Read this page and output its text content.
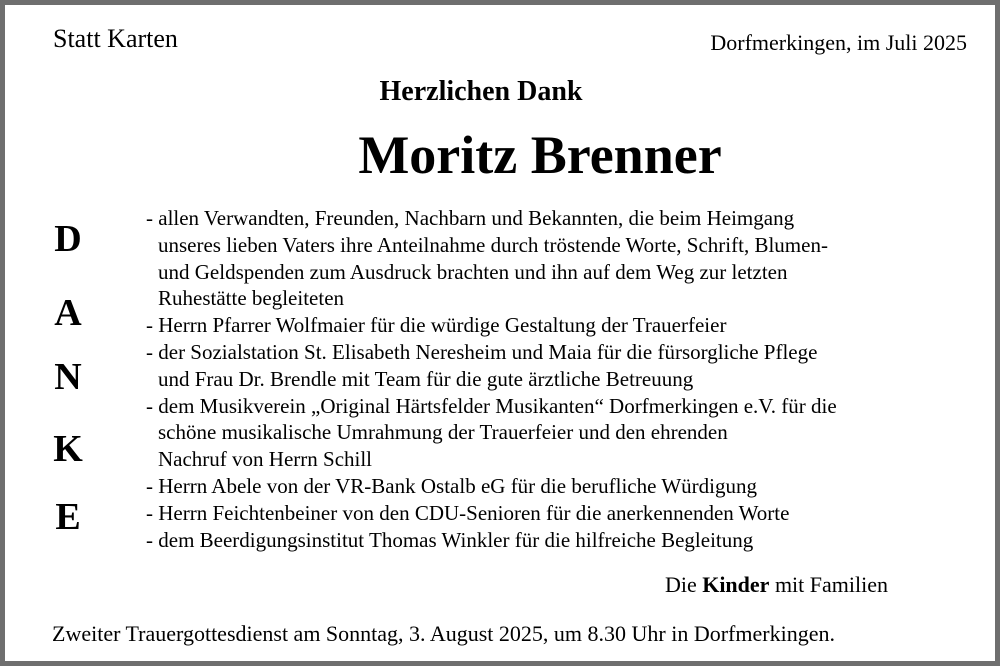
Statt Karten	Dorfmerkingen, im Juli 2025
Herzlichen Dank
Moritz Brenner
D
A
N
K
E
- allen Verwandten, Freunden, Nachbarn und Bekannten, die beim Heimgang
unseres lieben Vaters ihre Anteilnahme durch tröstende Worte, Schrift, Blumen-
und Geldspenden zum Ausdruck brachten und ihn auf dem Weg zur letzten
Ruhestätte begleiteten
- Herrn Pfarrer Wolfmaier für die würdige Gestaltung der Trauerfeier
- der Sozialstation St. Elisabeth Neresheim und Maia für die fürsorgliche Pflege
und Frau Dr. Brendle mit Team für die gute ärztliche Betreuung
- dem Musikverein „Original Härtsfelder Musikanten“ Dorfmerkingen e.V. für die
schöne musikalische Umrahmung der Trauerfeier und den ehrenden
Nachruf von Herrn Schill
- Herrn Abele von der VR-Bank Ostalb eG für die berufliche Würdigung
- Herrn Feichtenbeiner von den CDU-Senioren für die anerkennenden Worte
- dem Beerdigungsinstitut Thomas Winkler für die hilfreiche Begleitung
Die Kinder mit Familien
Zweiter Trauergottesdienst am Sonntag, 3. August 2025, um 8.30 Uhr in Dorfmerkingen.
